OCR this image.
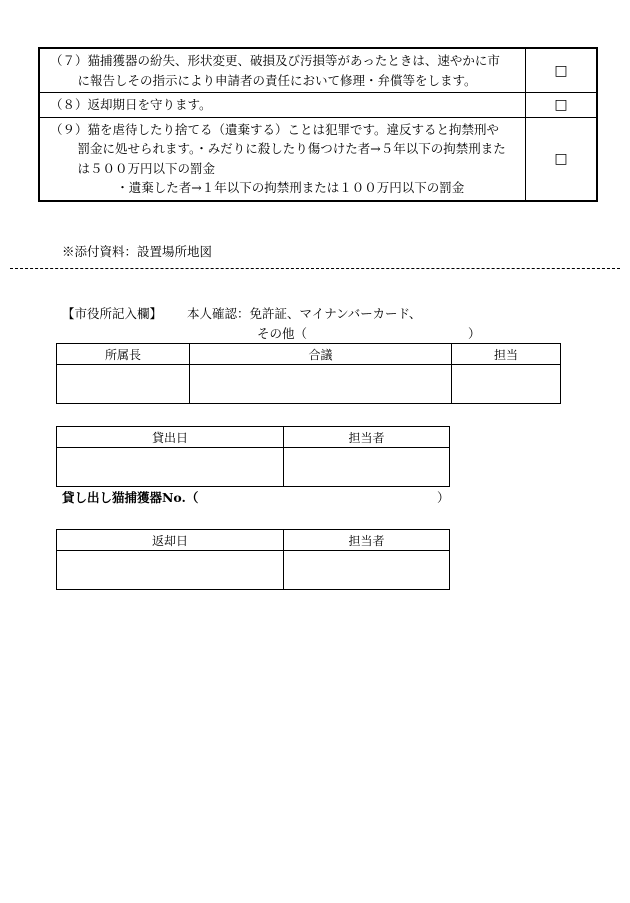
（７）猫捕獲器の紛失、形状変更、破損及び汚損等があったときは、速やかに市に報告しその指示により申請者の責任において修理・弁償等をします。	□

（８）返却期日を守ります。	□

（９）猫を虐待したり捨てる（遺棄する）ことは犯罪です。違反すると拘禁刑や罰金に処せられます。・みだりに殺したり傷つけた者→５年以下の拘禁刑または５００万円以下の罰金
・遺棄した者→１年以下の拘禁刑または１００万円以下の罰金	□
※添付資料：設置場所地図
【市役所記入欄】 本人確認：免許証、マイナンバーカード、
その他（	）
所属長	合議	担当

貸出日	担当者

貸し出し猫捕獲器No.（	）
返却日	担当者
